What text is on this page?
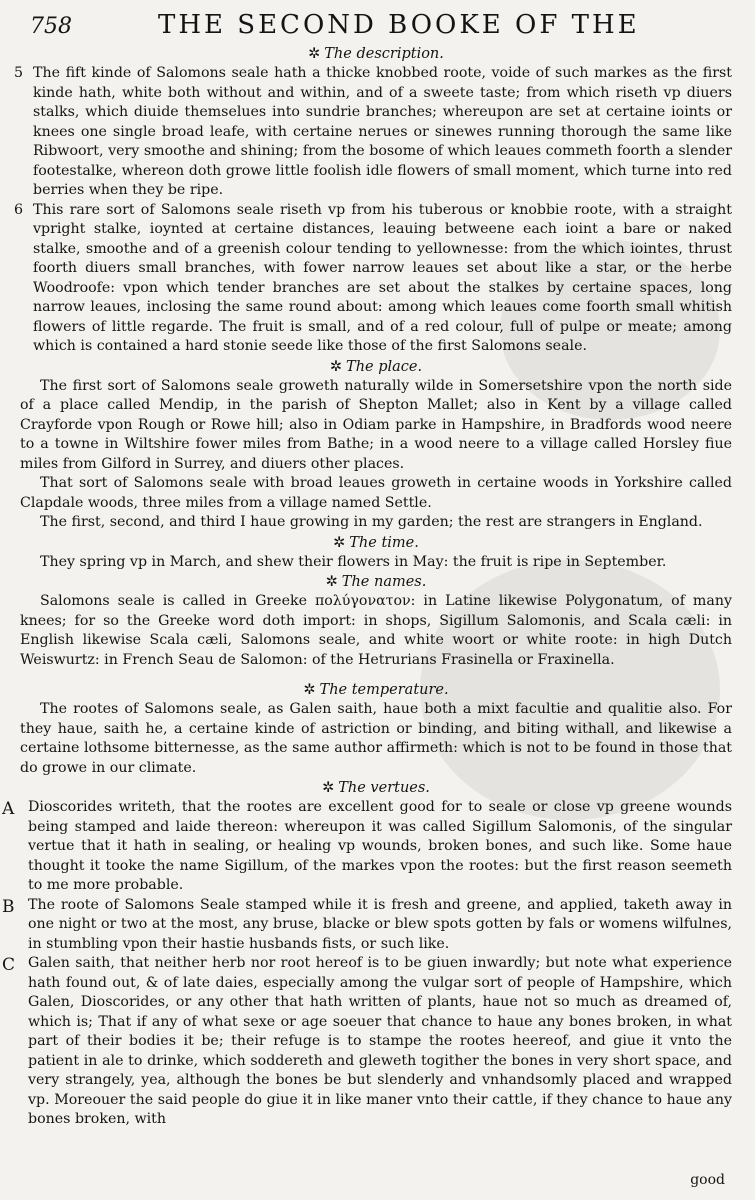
758	THE SECOND BOOKE OF THE
✲ The description.

5 The fift kinde of Salomons seale hath a thicke knobbed roote, voide of such markes as the first kinde hath, white both without and within, and of a sweete taste; from which riseth vp diuers stalks, which diuide themselues into sundrie branches; whereupon are set at certaine ioints or knees one single broad leafe, with certaine nerues or sinewes running thorough the same like Ribwoort, very smoothe and shining; from the bosome of which leaues commeth foorth a slender footestalke, whereon doth growe little foolish idle flowers of small moment, which turne into red berries when they be ripe.

6 This rare sort of Salomons seale riseth vp from his tuberous or knobbie roote, with a straight vpright stalke, ioynted at certaine distances, leauing betweene each ioint a bare or naked stalke, smoothe and of a greenish colour tending to yellownesse: from the which iointes, thrust foorth diuers small branches, with fower narrow leaues set about like a star, or the herbe Woodroofe: vpon which tender branches are set about the stalkes by certaine spaces, long narrow leaues, inclosing the same round about: among which leaues come foorth small whitish flowers of little regarde. The fruit is small, and of a red colour, full of pulpe or meate; among which is contained a hard stonie seede like those of the first Salomons seale.

✲ The place.

The first sort of Salomons seale groweth naturally wilde in Somersetshire vpon the north side of a place called Mendip, in the parish of Shepton Mallet; also in Kent by a village called Crayforde vpon Rough or Rowe hill; also in Odiam parke in Hampshire, in Bradfords wood neere to a towne in Wiltshire fower miles from Bathe; in a wood neere to a village called Horsley fiue miles from Gilford in Surrey, and diuers other places.

That sort of Salomons seale with broad leaues groweth in certaine woods in Yorkshire called Clapdale woods, three miles from a village named Settle.

The first, second, and third I haue growing in my garden; the rest are strangers in England.

✲ The time.

They spring vp in March, and shew their flowers in May: the fruit is ripe in September.

✲ The names.

Salomons seale is called in Greeke πολύγονατον: in Latine likewise Polygonatum, of many knees; for so the Greeke word doth import: in shops, Sigillum Salomonis, and Scala cæli: in English likewise Scala cæli, Salomons seale, and white woort or white roote: in high Dutch Weiswurtz: in French Seau de Salomon: of the Hetrurians Frasinella or Fraxinella.

✲ The temperature.

The rootes of Salomons seale, as Galen saith, haue both a mixt facultie and qualitie also. For they haue, saith he, a certaine kinde of astriction or binding, and biting withall, and likewise a certaine lothsome bitternesse, as the same author affirmeth: which is not to be found in those that do growe in our climate.

✲ The vertues.

A Dioscorides writeth, that the rootes are excellent good for to seale or close vp greene wounds being stamped and laide thereon: whereupon it was called Sigillum Salomonis, of the singular vertue that it hath in sealing, or healing vp wounds, broken bones, and such like. Some haue thought it tooke the name Sigillum, of the markes vpon the rootes: but the first reason seemeth to me more probable.

B The roote of Salomons Seale stamped while it is fresh and greene, and applied, taketh away in one night or two at the most, any bruse, blacke or blew spots gotten by fals or womens wilfulnes, in stumbling vpon their hastie husbands fists, or such like.

C Galen saith, that neither herb nor root hereof is to be giuen inwardly; but note what experience hath found out, & of late daies, especially among the vulgar sort of people of Hampshire, which Galen, Dioscorides, or any other that hath written of plants, haue not so much as dreamed of, which is; That if any of what sexe or age soeuer that chance to haue any bones broken, in what part of their bodies it be; their refuge is to stampe the rootes heereof, and giue it vnto the patient in ale to drinke, which soddereth and gleweth togither the bones in very short space, and very strangely, yea, although the bones be but slenderly and vnhandsomly placed and wrapped vp. Moreouer the said people do giue it in like maner vnto their cattle, if they chance to haue any bones broken, with

good
